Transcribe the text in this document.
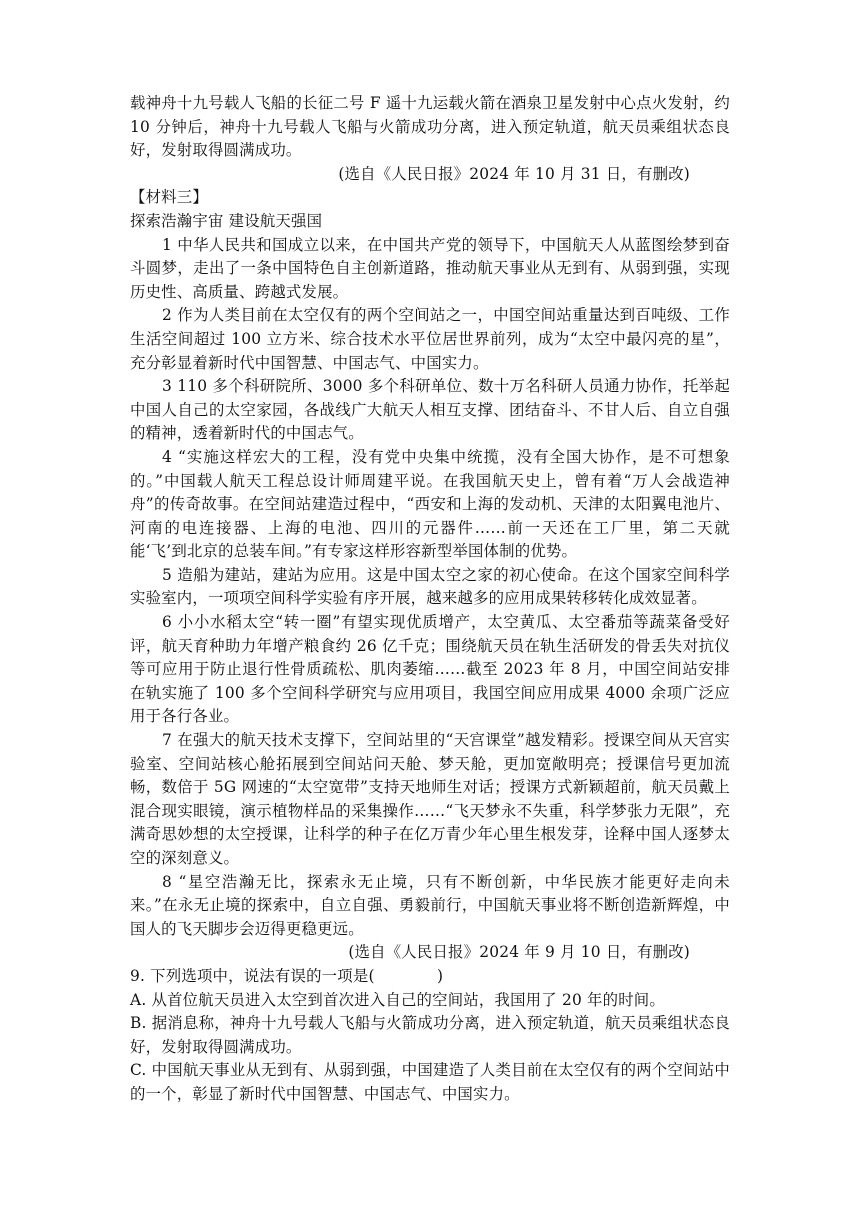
载神舟十九号载人飞船的长征二号 F 遥十九运载火箭在酒泉卫星发射中心点火发射，约 10 分钟后，神舟十九号载人飞船与火箭成功分离，进入预定轨道，航天员乘组状态良好，发射取得圆满成功。

(选自《人民日报》2024 年 10 月 31 日，有删改)

【材料三】

探索浩瀚宇宙 建设航天强国

1 中华人民共和国成立以来，在中国共产党的领导下，中国航天人从蓝图绘梦到奋斗圆梦，走出了一条中国特色自主创新道路，推动航天事业从无到有、从弱到强，实现历史性、高质量、跨越式发展。

2 作为人类目前在太空仅有的两个空间站之一，中国空间站重量达到百吨级、工作生活空间超过 100 立方米、综合技术水平位居世界前列，成为“太空中最闪亮的星”，充分彰显着新时代中国智慧、中国志气、中国实力。

3 110 多个科研院所、3000 多个科研单位、数十万名科研人员通力协作，托举起中国人自己的太空家园，各战线广大航天人相互支撑、团结奋斗、不甘人后、自立自强的精神，透着新时代的中国志气。

4 “实施这样宏大的工程，没有党中央集中统揽，没有全国大协作，是不可想象的。”中国载人航天工程总设计师周建平说。在我国航天史上，曾有着“万人会战造神舟”的传奇故事。在空间站建造过程中，“西安和上海的发动机、天津的太阳翼电池片、河南的电连接器、上海的电池、四川的元器件……前一天还在工厂里，第二天就能‘飞’到北京的总装车间。”有专家这样形容新型举国体制的优势。

5 造船为建站，建站为应用。这是中国太空之家的初心使命。在这个国家空间科学实验室内，一项项空间科学实验有序开展，越来越多的应用成果转移转化成效显著。

6 小小水稻太空“转一圈”有望实现优质增产，太空黄瓜、太空番茄等蔬菜备受好评，航天育种助力年增产粮食约 26 亿千克；围绕航天员在轨生活研发的骨丢失对抗仪等可应用于防止退行性骨质疏松、肌肉萎缩……截至 2023 年 8 月，中国空间站安排在轨实施了 100 多个空间科学研究与应用项目，我国空间应用成果 4000 余项广泛应用于各行各业。

7 在强大的航天技术支撑下，空间站里的“天宫课堂”越发精彩。授课空间从天宫实验室、空间站核心舱拓展到空间站问天舱、梦天舱，更加宽敞明亮；授课信号更加流畅，数倍于 5G 网速的“太空宽带”支持天地师生对话；授课方式新颖超前，航天员戴上混合现实眼镜，演示植物样品的采集操作……“飞天梦永不失重，科学梦张力无限”，充满奇思妙想的太空授课，让科学的种子在亿万青少年心里生根发芽，诠释中国人逐梦太空的深刻意义。

8 “星空浩瀚无比，探索永无止境，只有不断创新，中华民族才能更好走向未来。”在永无止境的探索中，自立自强、勇毅前行，中国航天事业将不断创造新辉煌，中国人的飞天脚步会迈得更稳更远。

(选自《人民日报》2024 年 9 月 10 日，有删改)

9. 下列选项中，说法有误的一项是(　　　　)

A. 从首位航天员进入太空到首次进入自己的空间站，我国用了 20 年的时间。

B. 据消息称，神舟十九号载人飞船与火箭成功分离，进入预定轨道，航天员乘组状态良好，发射取得圆满成功。

C. 中国航天事业从无到有、从弱到强，中国建造了人类目前在太空仅有的两个空间站中的一个，彰显了新时代中国智慧、中国志气、中国实力。
